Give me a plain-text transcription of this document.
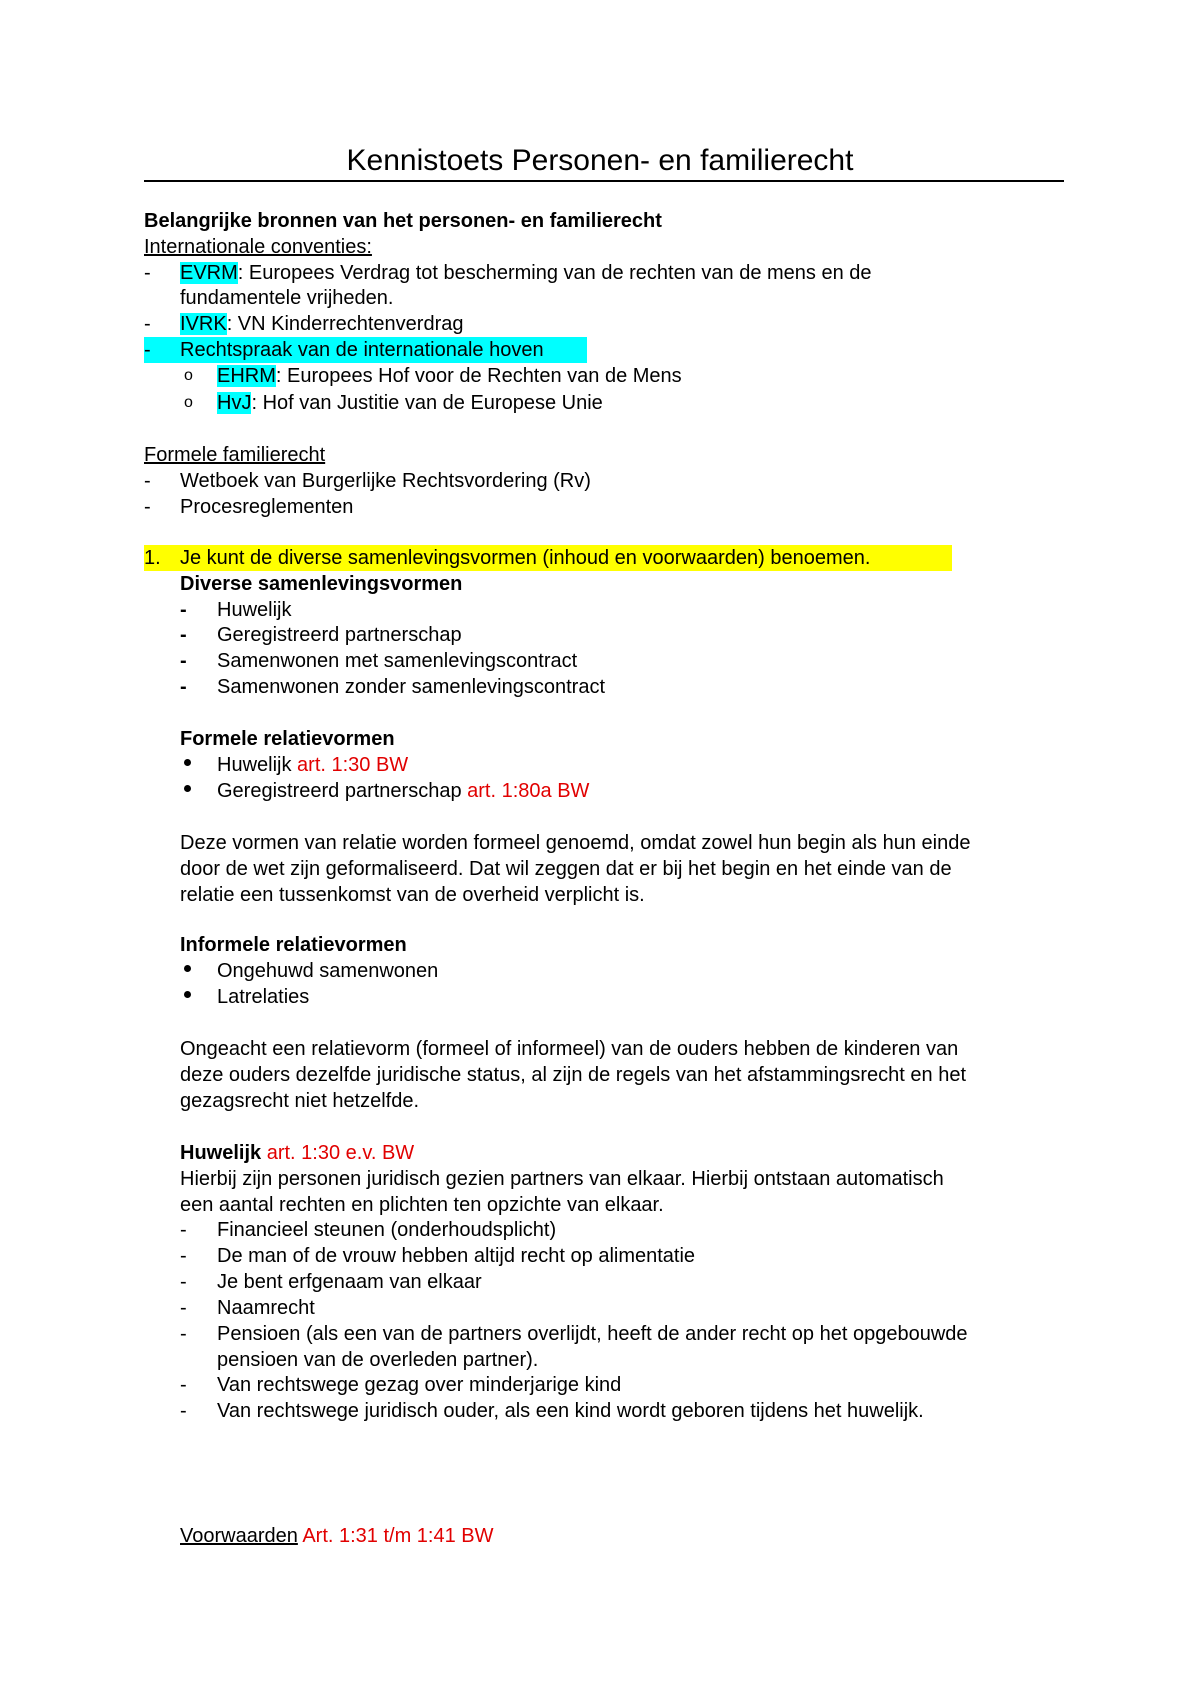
Kennistoets Personen- en familierecht
Belangrijke bronnen van het personen- en familierecht
Internationale conventies:
- EVRM: Europees Verdrag tot bescherming van de rechten van de mens en de
fundamentele vrijheden.
- IVRK: VN Kinderrechtenverdrag
- Rechtspraak van de internationale hoven
o EHRM: Europees Hof voor de Rechten van de Mens
o HvJ: Hof van Justitie van de Europese Unie
Formele familierecht
- Wetboek van Burgerlijke Rechtsvordering (Rv)
- Procesreglementen
1. Je kunt de diverse samenlevingsvormen (inhoud en voorwaarden) benoemen.
Diverse samenlevingsvormen
- Huwelijk
- Geregistreerd partnerschap
- Samenwonen met samenlevingscontract
- Samenwonen zonder samenlevingscontract
Formele relatievormen
Huwelijk art. 1:30 BW
Geregistreerd partnerschap art. 1:80a BW
Deze vormen van relatie worden formeel genoemd, omdat zowel hun begin als hun einde
door de wet zijn geformaliseerd. Dat wil zeggen dat er bij het begin en het einde van de
relatie een tussenkomst van de overheid verplicht is.
Informele relatievormen
Ongehuwd samenwonen
Latrelaties
Ongeacht een relatievorm (formeel of informeel) van de ouders hebben de kinderen van
deze ouders dezelfde juridische status, al zijn de regels van het afstammingsrecht en het
gezagsrecht niet hetzelfde.
Huwelijk art. 1:30 e.v. BW
Hierbij zijn personen juridisch gezien partners van elkaar. Hierbij ontstaan automatisch
een aantal rechten en plichten ten opzichte van elkaar.
- Financieel steunen (onderhoudsplicht)
- De man of de vrouw hebben altijd recht op alimentatie
- Je bent erfgenaam van elkaar
- Naamrecht
- Pensioen (als een van de partners overlijdt, heeft de ander recht op het opgebouwde
pensioen van de overleden partner).
- Van rechtswege gezag over minderjarige kind
- Van rechtswege juridisch ouder, als een kind wordt geboren tijdens het huwelijk.
Voorwaarden Art. 1:31 t/m 1:41 BW
